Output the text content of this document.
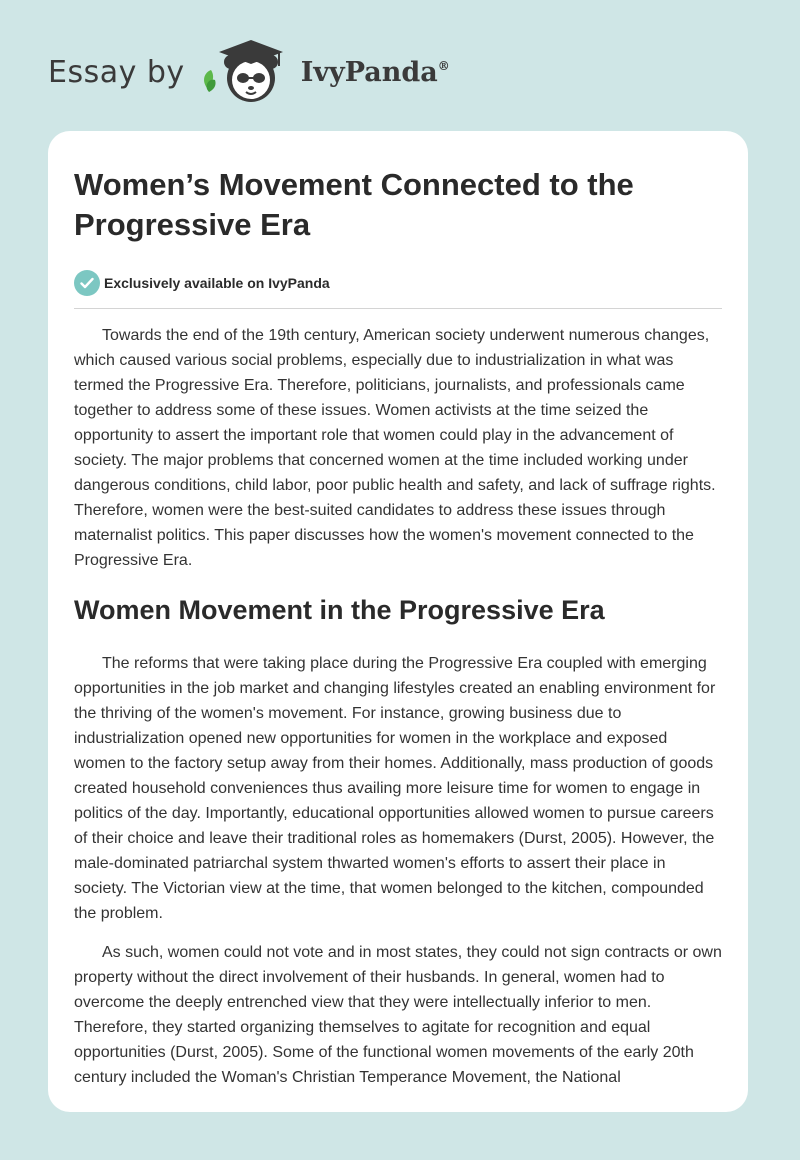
Essay by	IvyPanda®
Women’s Movement Connected to the Progressive Era
Exclusively available on IvyPanda

Towards the end of the 19th century, American society underwent numerous changes, which caused various social problems, especially due to industrialization in what was termed the Progressive Era. Therefore, politicians, journalists, and professionals came together to address some of these issues. Women activists at the time seized the opportunity to assert the important role that women could play in the advancement of society. The major problems that concerned women at the time included working under dangerous conditions, child labor, poor public health and safety, and lack of suffrage rights. Therefore, women were the best-suited candidates to address these issues through maternalist politics. This paper discusses how the women's movement connected to the Progressive Era.

Women Movement in the Progressive Era

The reforms that were taking place during the Progressive Era coupled with emerging opportunities in the job market and changing lifestyles created an enabling environment for the thriving of the women's movement. For instance, growing business due to industrialization opened new opportunities for women in the workplace and exposed women to the factory setup away from their homes. Additionally, mass production of goods created household conveniences thus availing more leisure time for women to engage in politics of the day. Importantly, educational opportunities allowed women to pursue careers of their choice and leave their traditional roles as homemakers (Durst, 2005). However, the male-dominated patriarchal system thwarted women's efforts to assert their place in society. The Victorian view at the time, that women belonged to the kitchen, compounded the problem.

As such, women could not vote and in most states, they could not sign contracts or own property without the direct involvement of their husbands. In general, women had to overcome the deeply entrenched view that they were intellectually inferior to men. Therefore, they started organizing themselves to agitate for recognition and equal opportunities (Durst, 2005). Some of the functional women movements of the early 20th century included the Woman's Christian Temperance Movement, the National
